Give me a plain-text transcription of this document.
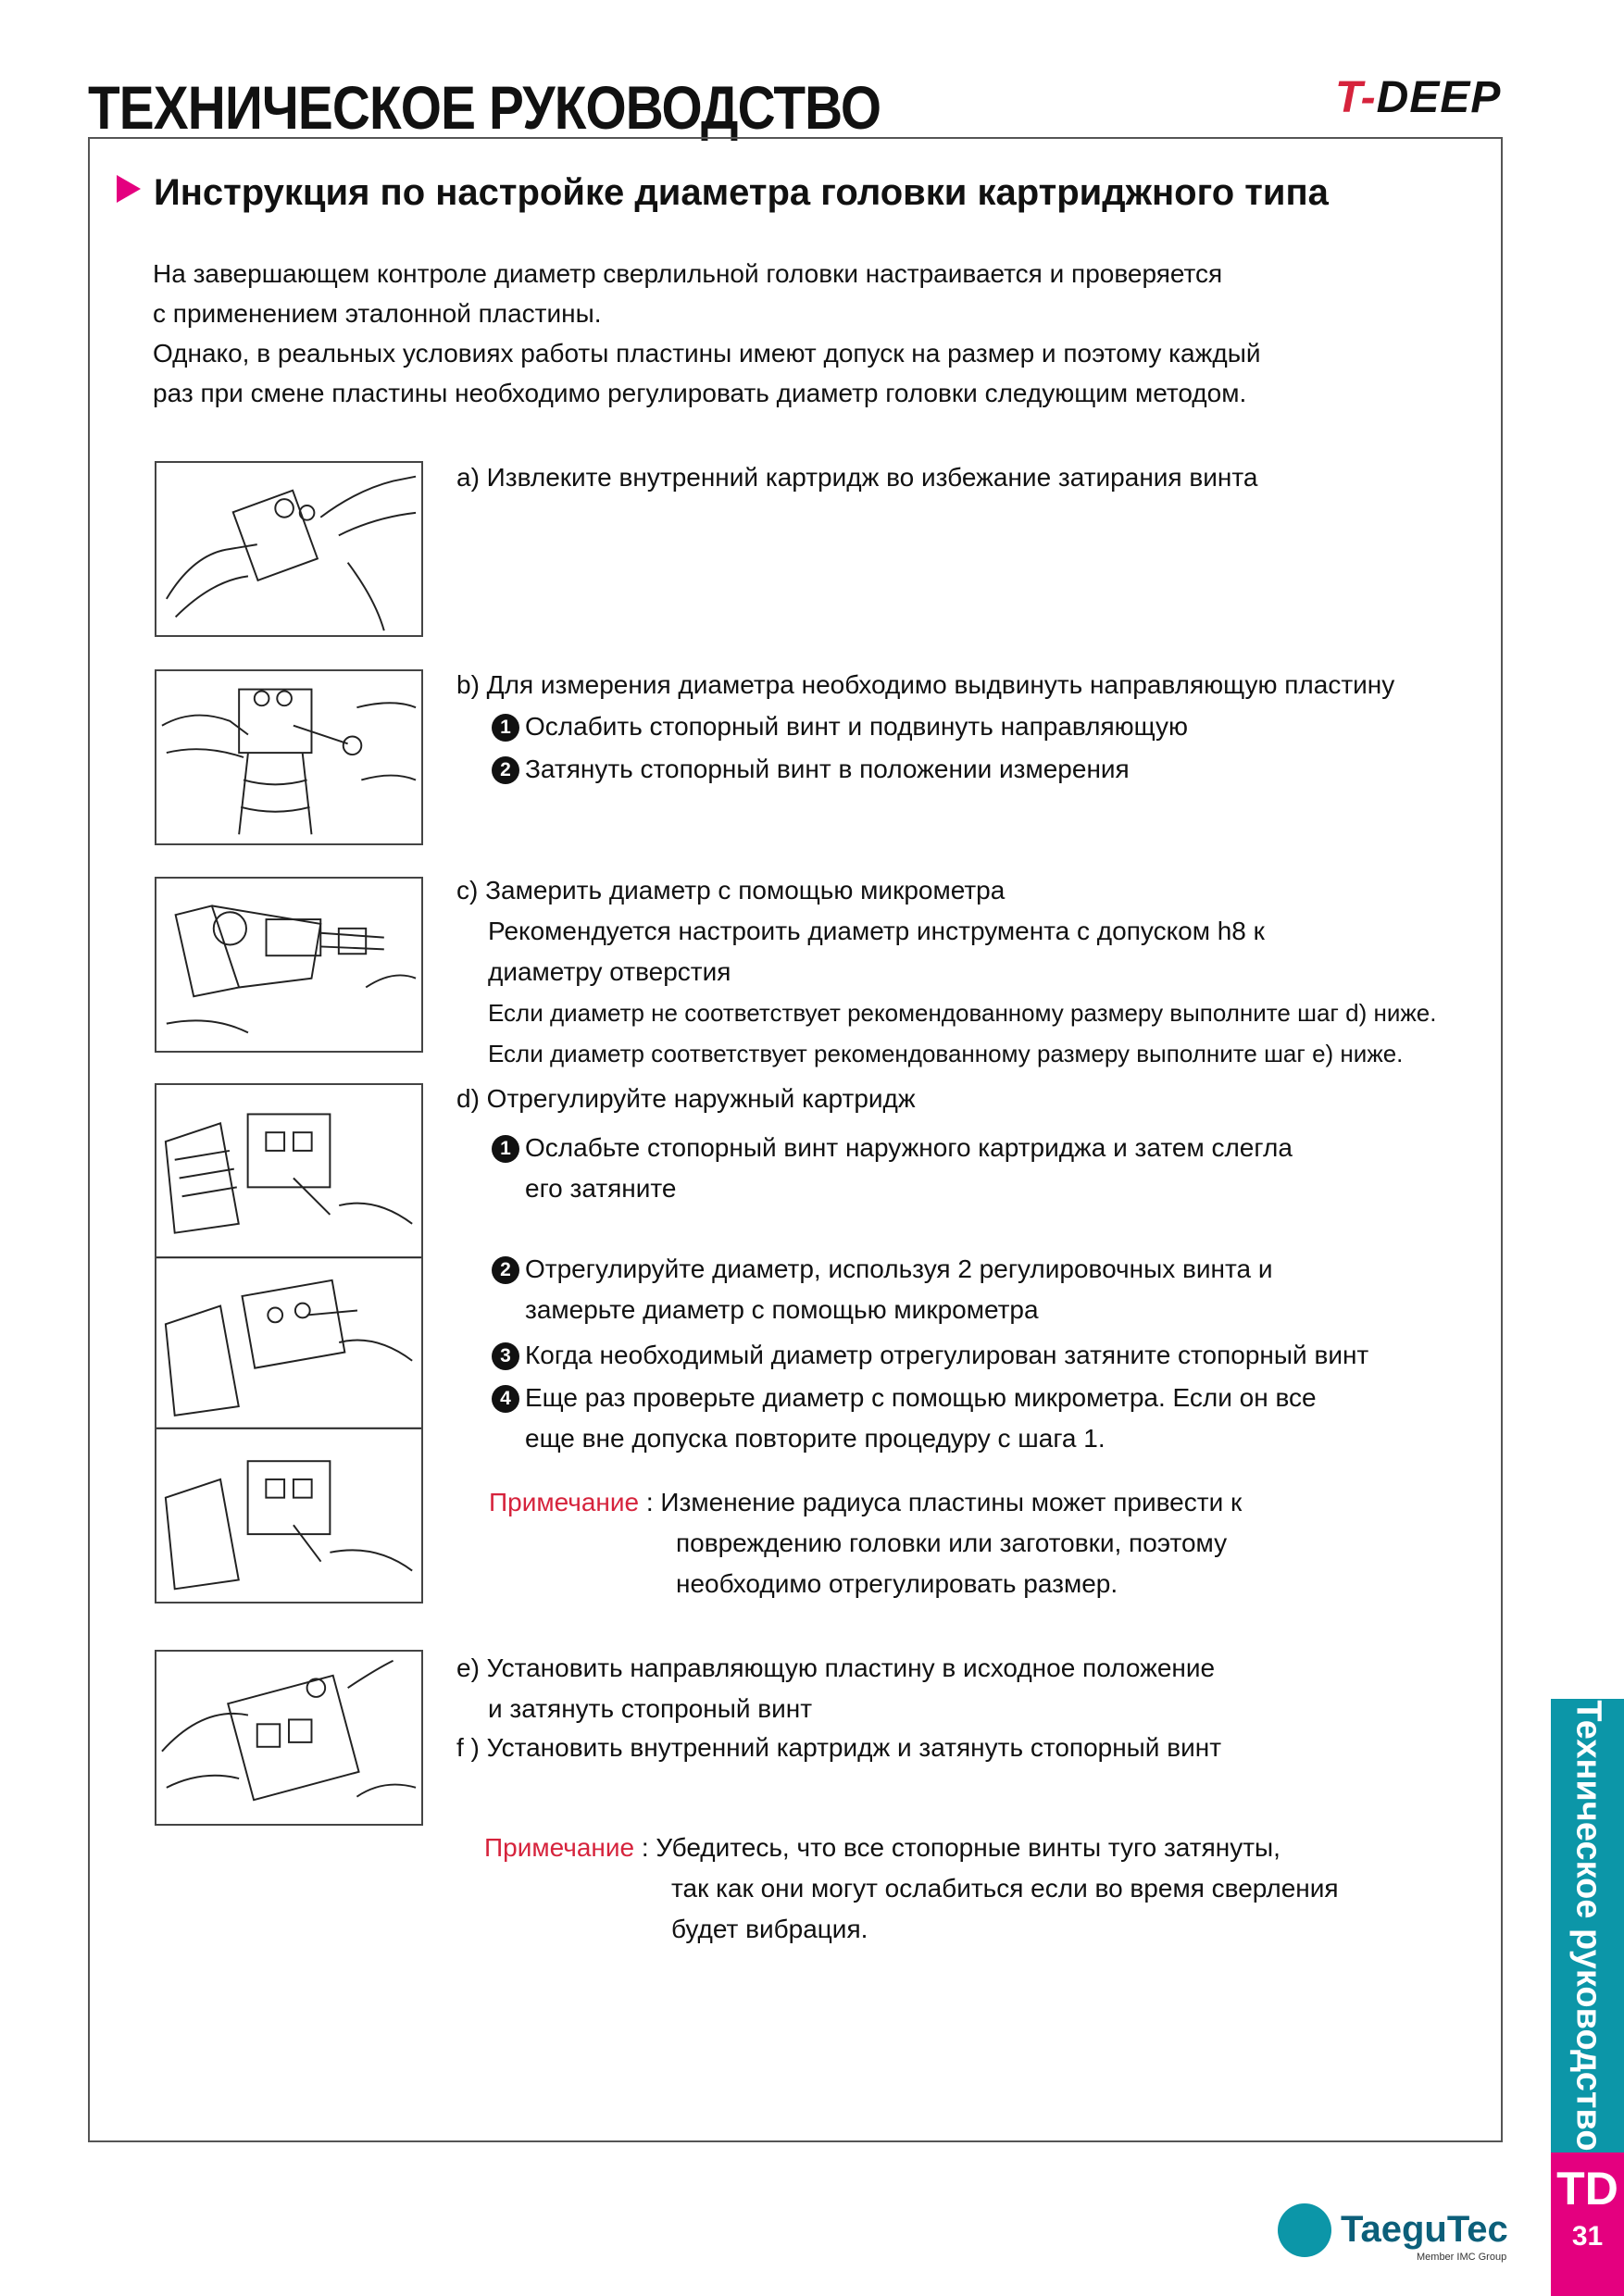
ТЕХНИЧЕСКОЕ РУКОВОДСТВО	T-DEEP
Инструкция по настройке диаметра головки картриджного типа
На завершающем контроле диаметр сверлильной головки настраивается и проверяется
с применением эталонной пластины.
Однако, в реальных условиях работы пластины имеют допуск на размер и поэтому каждый
раз при смене пластины необходимо регулировать диаметр головки следующим методом.
a) Извлеките внутренний картридж во избежание затирания винта
b) Для измерения диаметра необходимо выдвинуть направляющую пластину
1 Ослабить стопорный винт и подвинуть направляющую
2 Затянуть стопорный винт в положении измерения
c) Замерить диаметр с помощью микрометра
Рекомендуется настроить диаметр инструмента с допуском h8 к
диаметру отверстия
Если диаметр не соответствует рекомендованному размеру выполните шаг d) ниже.
Если диаметр соответствует рекомендованному размеру выполните шаг e) ниже.
d) Отрегулируйте наружный картридж
1 Ослабьте стопорный винт наружного картриджа и затем слегла
его затяните
2 Отрегулируйте диаметр, используя 2 регулировочных винта и
замерьте диаметр с помощью микрометра
3 Когда необходимый диаметр отрегулирован затяните стопорный винт
4 Еще раз проверьте диаметр с помощью микрометра. Если он все
еще вне допуска повторите процедуру с шага 1.
Примечание : Изменение радиуса пластины может привести к
повреждению головки или заготовки, поэтому
необходимо отрегулировать размер.
e) Установить направляющую пластину в исходное положение
и затянуть стопроный винт
f ) Установить внутренний картридж и затянуть стопорный винт
Примечание : Убедитесь, что все стопорные винты туго затянуты,
так как они могут ослабиться если во время сверления
будет вибрация.	Техническое руководство
TD
31
TaeguTec
Member IMC Group
